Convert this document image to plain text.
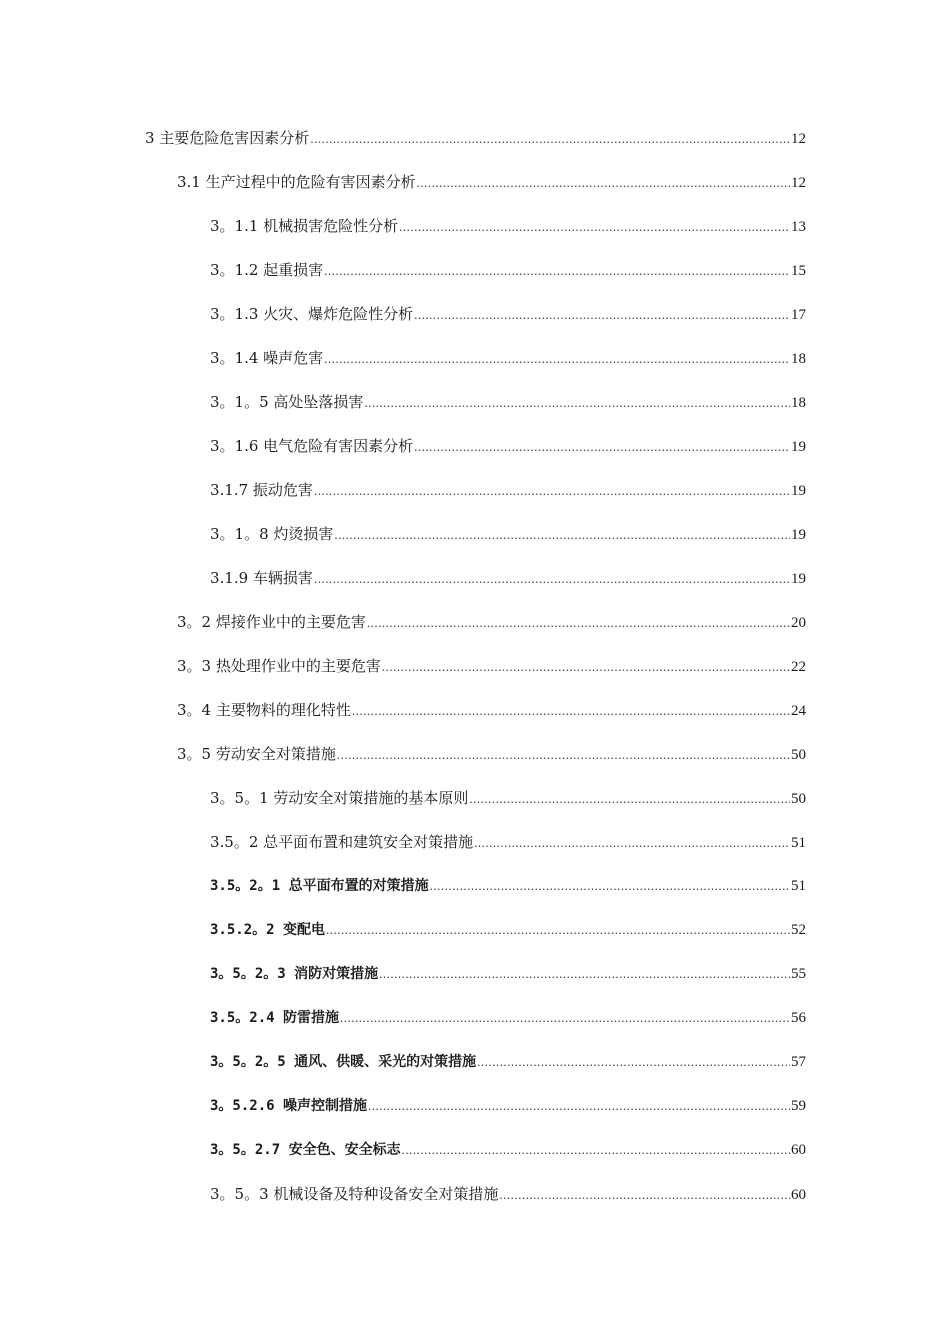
3 主要危险危害因素分析 .....	12
3.1 生产过程中的危险有害因素分析 .....	12
3。1.1 机械损害危险性分析 .....	13
3。1.2 起重损害 .....	15
3。1.3 火灾、爆炸危险性分析 .....	17
3。1.4 噪声危害 .....	18
3。1。5 高处坠落损害 .....	18
3。1.6 电气危险有害因素分析 .....	19
3.1.7 振动危害 .....	19
3。1。8 灼烫损害 .....	19
3.1.9 车辆损害 .....	19
3。2 焊接作业中的主要危害 .....	20
3。3 热处理作业中的主要危害 .....	22
3。4 主要物料的理化特性 .....	24
3。5 劳动安全对策措施 .....	50
3。5。1 劳动安全对策措施的基本原则 .....	50
3.5。2 总平面布置和建筑安全对策措施 .....	51
3.5。2。1 总平面布置的对策措施 .....	51
3.5.2。2 变配电 .....	52
3。5。2。3 消防对策措施 .....	55
3.5。2.4 防雷措施 .....	56
3。5。2。5 通风、供暖、采光的对策措施 .....	57
3。5.2.6 噪声控制措施 .....	59
3。5。2.7 安全色、安全标志 .....	60
3。5。3 机械设备及特种设备安全对策措施 .....	60
